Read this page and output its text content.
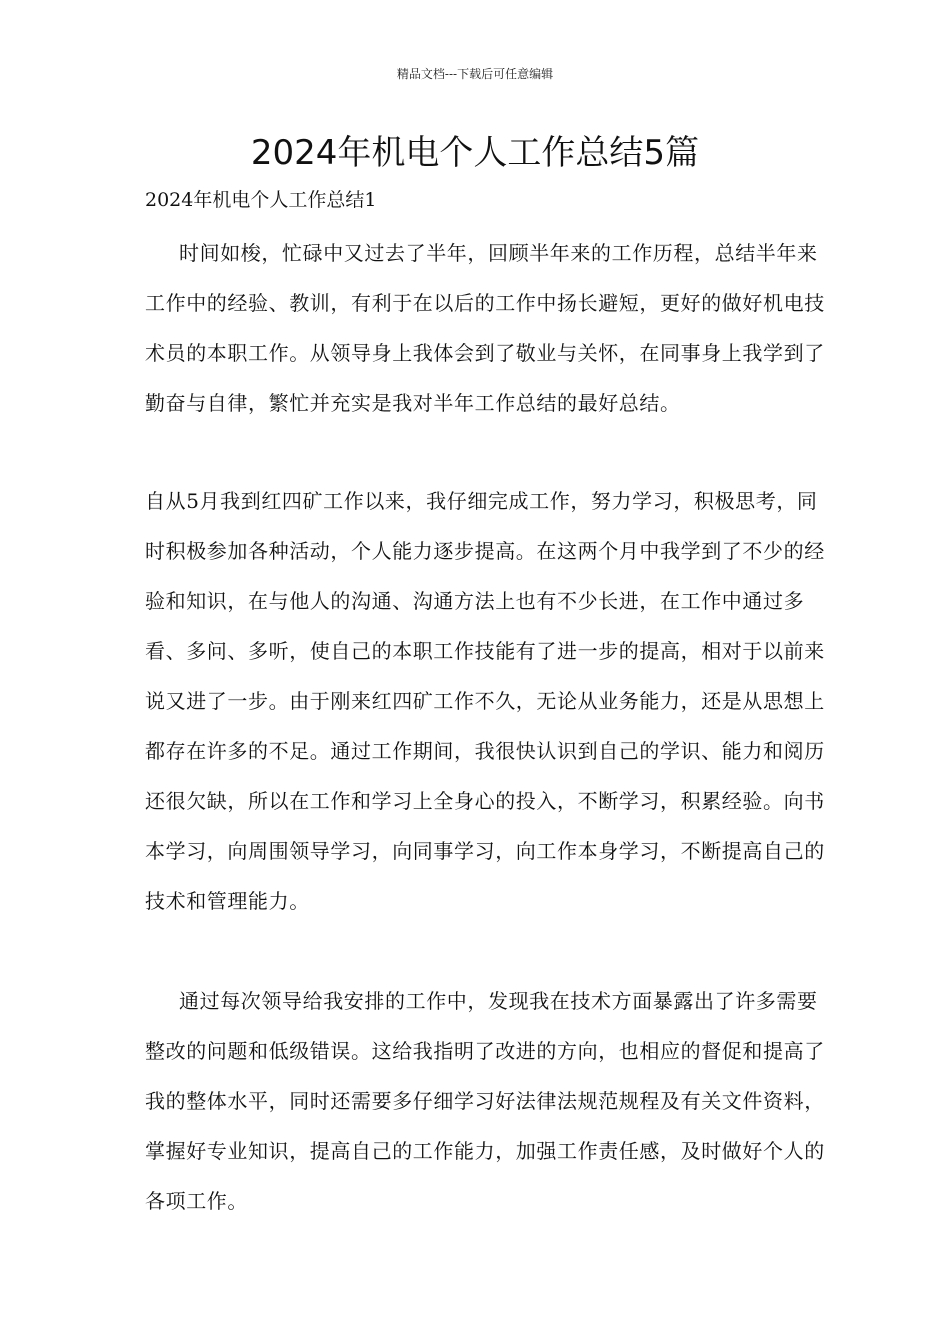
精品文档---下载后可任意编辑
2024年机电个人工作总结5篇
2024年机电个人工作总结1

时间如梭，忙碌中又过去了半年，回顾半年来的工作历程，总结半年来工作中的经验、教训，有利于在以后的工作中扬长避短，更好的做好机电技术员的本职工作。从领导身上我体会到了敬业与关怀，在同事身上我学到了勤奋与自律，繁忙并充实是我对半年工作总结的最好总结。

自从5月我到红四矿工作以来，我仔细完成工作，努力学习，积极思考，同时积极参加各种活动，个人能力逐步提高。在这两个月中我学到了不少的经验和知识，在与他人的沟通、沟通方法上也有不少长进，在工作中通过多看、多问、多听，使自己的本职工作技能有了进一步的提高，相对于以前来说又进了一步。由于刚来红四矿工作不久，无论从业务能力，还是从思想上都存在许多的不足。通过工作期间，我很快认识到自己的学识、能力和阅历还很欠缺，所以在工作和学习上全身心的投入，不断学习，积累经验。向书本学习，向周围领导学习，向同事学习，向工作本身学习，不断提高自己的技术和管理能力。

通过每次领导给我安排的工作中，发现我在技术方面暴露出了许多需要整改的问题和低级错误。这给我指明了改进的方向，也相应的督促和提高了我的整体水平，同时还需要多仔细学习好法律法规范规程及有关文件资料，掌握好专业知识，提高自己的工作能力，加强工作责任感，及时做好个人的各项工作。
